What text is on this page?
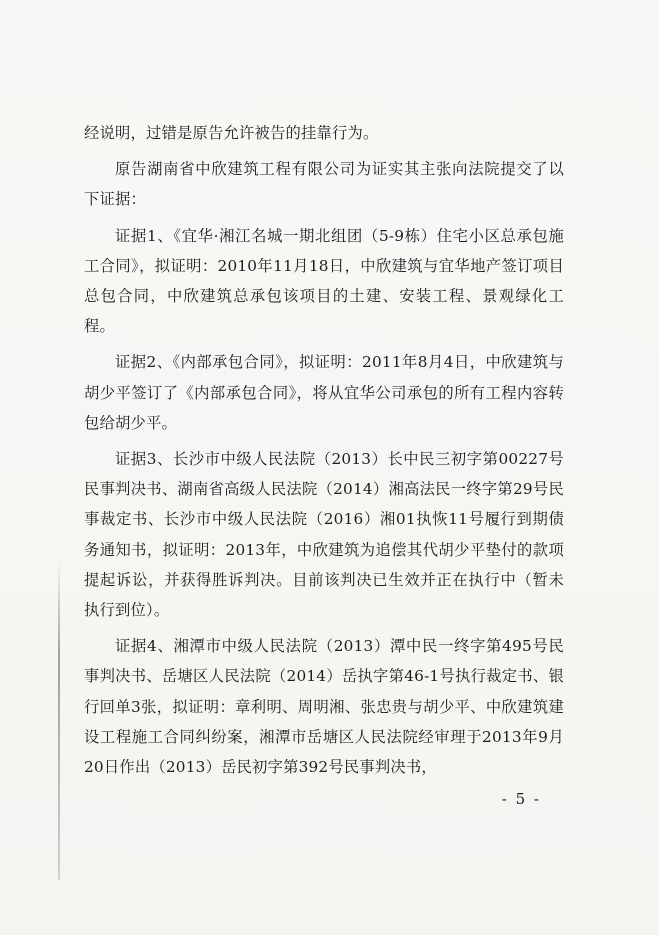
经说明，过错是原告允许被告的挂靠行为。

原告湖南省中欣建筑工程有限公司为证实其主张向法院提交了以下证据：

证据1、《宜华·湘江名城一期北组团（5-9栋）住宅小区总承包施工合同》，拟证明：2010年11月18日，中欣建筑与宜华地产签订项目总包合同，中欣建筑总承包该项目的土建、安装工程、景观绿化工程。

证据2、《内部承包合同》，拟证明：2011年8月4日，中欣建筑与胡少平签订了《内部承包合同》，将从宜华公司承包的所有工程内容转包给胡少平。

证据3、长沙市中级人民法院（2013）长中民三初字第00227号民事判决书、湖南省高级人民法院（2014）湘高法民一终字第29号民事裁定书、长沙市中级人民法院（2016）湘01执恢11号履行到期债务通知书，拟证明：2013年，中欣建筑为追偿其代胡少平垫付的款项提起诉讼，并获得胜诉判决。目前该判决已生效并正在执行中（暂未执行到位）。

证据4、湘潭市中级人民法院（2013）潭中民一终字第495号民事判决书、岳塘区人民法院（2014）岳执字第46-1号执行裁定书、银行回单3张，拟证明：章利明、周明湘、张忠贵与胡少平、中欣建筑建设工程施工合同纠纷案，湘潭市岳塘区人民法院经审理于2013年9月20日作出（2013）岳民初字第392号民事判决书，

- 5 -
